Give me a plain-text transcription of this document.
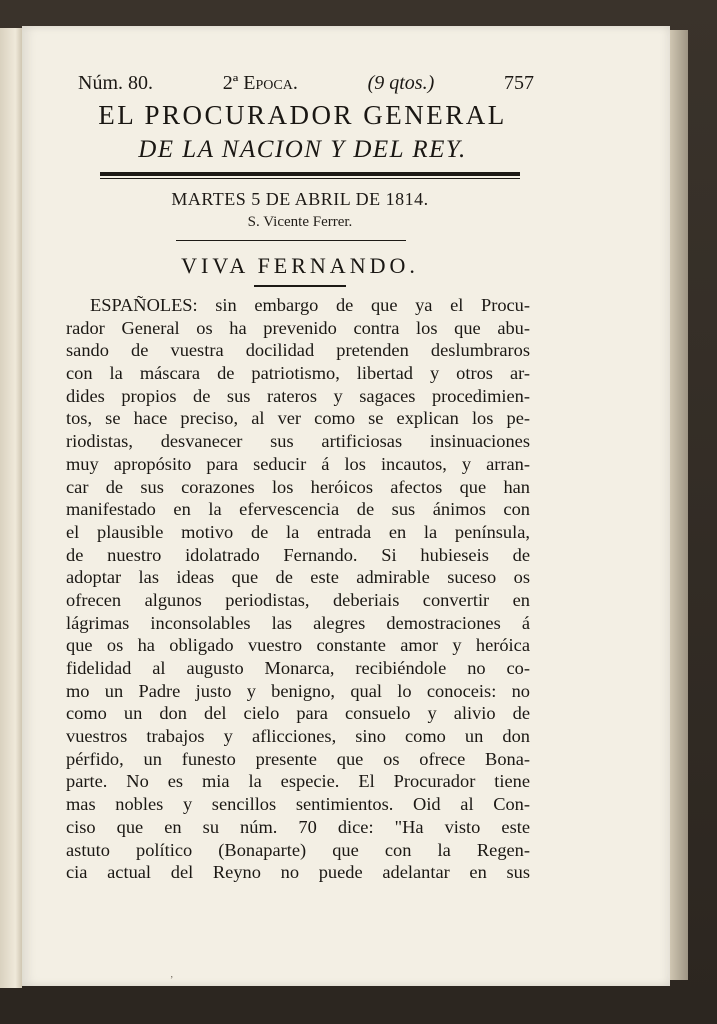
Núm. 80.	2ª Epoca.	(9 qtos.)	757
EL PROCURADOR GENERAL
DE LA NACION Y DEL REY.
MARTES 5 DE ABRIL DE 1814.
S. Vicente Ferrer.
VIVA FERNANDO.
ESPAÑOLES: sin embargo de que ya el Procu-
rador General os ha prevenido contra los que abu-
sando de vuestra docilidad pretenden deslumbraros
con la máscara de patriotismo, libertad y otros ar-
dides propios de sus rateros y sagaces procedimien-
tos, se hace preciso, al ver como se explican los pe-
riodistas, desvanecer sus artificiosas insinuaciones
muy apropósito para seducir á los incautos, y arran-
car de sus corazones los heróicos afectos que han
manifestado en la efervescencia de sus ánimos con
el plausible motivo de la entrada en la península,
de nuestro idolatrado Fernando. Si hubieseis de
adoptar las ideas que de este admirable suceso os
ofrecen algunos periodistas, deberiais convertir en
lágrimas inconsolables las alegres demostraciones á
que os ha obligado vuestro constante amor y heróica
fidelidad al augusto Monarca, recibiéndole no co-
mo un Padre justo y benigno, qual lo conoceis: no
como un don del cielo para consuelo y alivio de
vuestros trabajos y aflicciones, sino como un don
pérfido, un funesto presente que os ofrece Bona-
parte. No es mia la especie. El Procurador tiene
mas nobles y sencillos sentimientos. Oid al Con-
ciso que en su núm. 70 dice: "Ha visto este
astuto político (Bonaparte) que con la Regen-
cia actual del Reyno no puede adelantar en sus
ʼ
